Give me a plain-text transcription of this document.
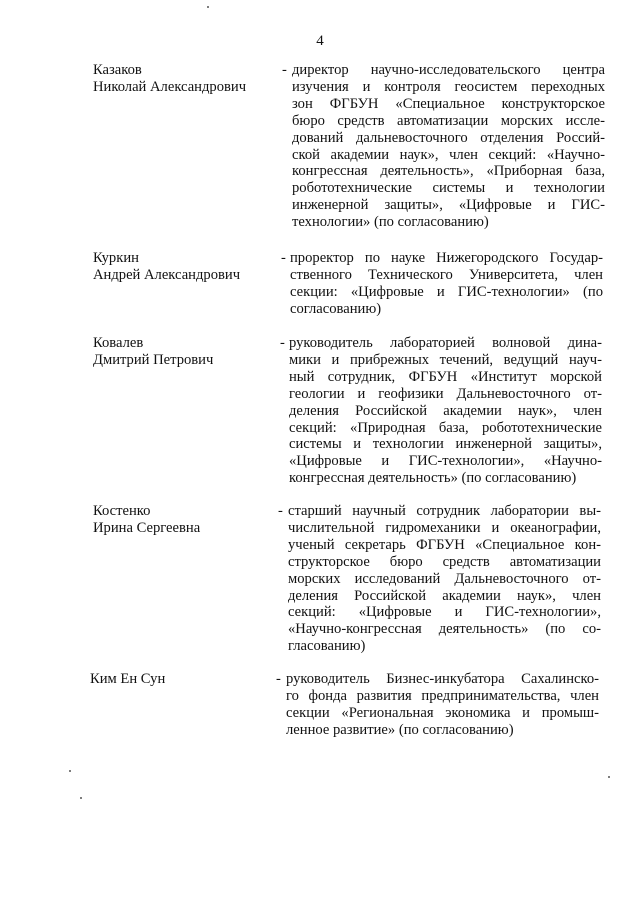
4
Казаков
Николай Александрович
- директор научно-исследовательского центра
изучения и контроля геосистем переходных
зон ФГБУН «Специальное конструкторское
бюро средств автоматизации морских иссле-
дований дальневосточного отделения Россий-
ской академии наук», член секций: «Научно-
конгрессная деятельность», «Приборная база,
робототехнические системы и технологии
инженерной защиты», «Цифровые и ГИС-
технологии» (по согласованию)
Куркин
Андрей Александрович
- проректор по науке Нижегородского Государ-
ственного Технического Университета, член
секции: «Цифровые и ГИС-технологии» (по
согласованию)
Ковалев
Дмитрий Петрович
- руководитель лабораторией волновой дина-
мики и прибрежных течений, ведущий науч-
ный сотрудник, ФГБУН «Институт морской
геологии и геофизики Дальневосточного от-
деления Российской академии наук», член
секций: «Природная база, робототехнические
системы и технологии инженерной защиты»,
«Цифровые и ГИС-технологии», «Научно-
конгрессная деятельность» (по согласованию)
Костенко
Ирина Сергеевна
- старший научный сотрудник лаборатории вы-
числительной гидромеханики и океанографии,
ученый секретарь ФГБУН «Специальное кон-
структорское бюро средств автоматизации
морских исследований Дальневосточного от-
деления Российской академии наук», член
секций: «Цифровые и ГИС-технологии»,
«Научно-конгрессная деятельность» (по со-
гласованию)
Ким Ен Сун	- руководитель Бизнес-инкубатора Сахалинско-
го фонда развития предпринимательства, член
секции «Региональная экономика и промыш-
ленное развитие» (по согласованию)
